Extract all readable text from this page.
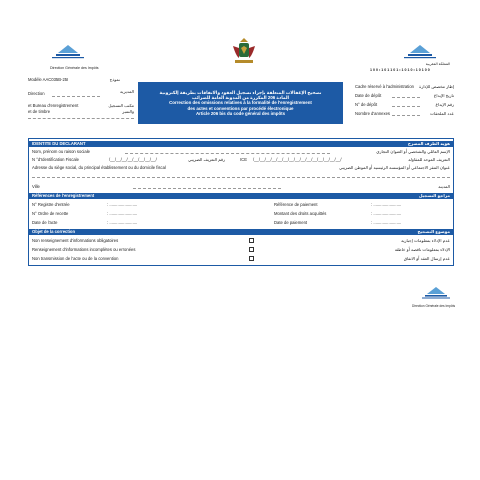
Direction Générale des Impôts
المملكة المغربية
1 0 0 • 1 0 1 1 0 1 • 1 0 1 0 • 1 0 1 0 0
Modèle AAC035B-25I	نموذج
Direction	المديرية
et Bureau d'enregistrement
et de timbre
مكتب التسجيل
والتمبر
تصحيح الإغفالات المتعلقة بإجراء تسجيل العقود والاتفاقات بطريقة إلكترونية
المادة 206 المكررة من المدونة العامة للضرائب
Correction des omissions relatives à la formalité de l'enregistrement
des actes et conventions par procédé électronique
Article 206 bis du code général des impôts
Cadre réservé à l'administration إطار مخصص للإدارة
Date de dépôt	تاريخ الإيداع
N° de dépôt	رقم الإيداع
Nombre d'annexes	عدد الملحقات
IDENTITE DU DECLARANT	هوية الطرف المصرح
Nom, prénom ou raison sociale	الإسم العائلي والشخصي أو العنوان التجاري
N °d'Identification Fiscale	/__/__/__/__/__/__/__/__/	رقم التعريف الضريبي	ICE /__/__/__/__/__/__/__/__/__/__/__/__/__/__/__/	التعريف الموحد للمقاولة
Adresse du siège social, du principal établissement ou du domicile fiscal	عنوان المقر الاجتماعي أو المؤسسة الرئيسية أو الموطن الضريبي
Ville	المدينة
Références de l'enregistrement	مراجع التسجيل
N° Registre d'entrée	: ........................	Référence de paiement	: ........................
N° Ordre de recette	: ........................	Montant des droits acquittés	: ........................
Date de l'acte	: ........................	Date de paiement	: ........................
Objet de la correction	موضوع التصحيح
Non renseignement d'informations obligatoires	عدم الإدلاء بمعلومات إجبارية
Renseignement d'informations incomplètes ou erronées	الإدلاء بمعلومات ناقصة أو خاطئة
Non transmission de l'acte ou de la convention	عدم إرسال العقد أو الاتفاق
Direction Générale des Impôts
